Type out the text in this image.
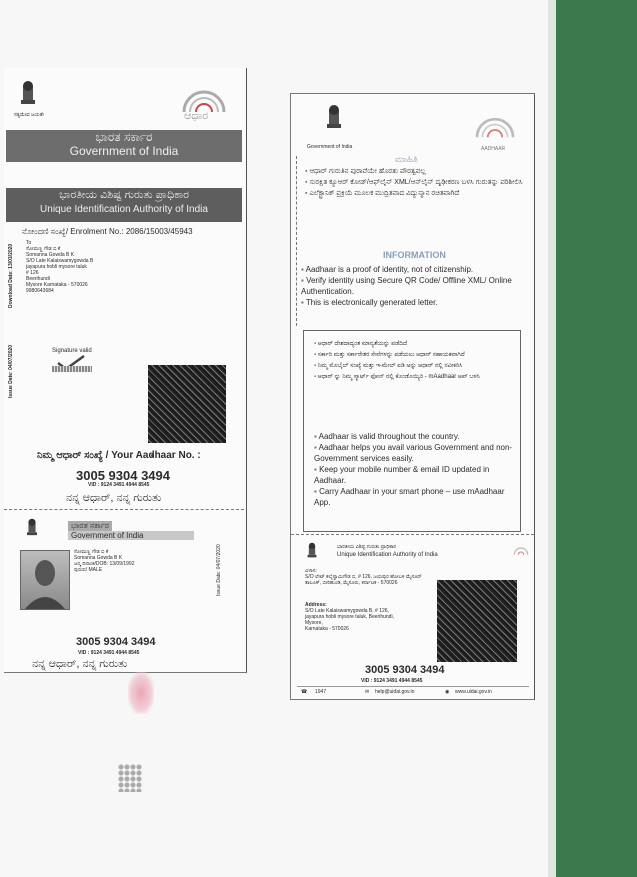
ಸತ್ಯಮೇವ ಜಯತೇ	ಆಧಾರ
ಭಾರತ ಸರ್ಕಾರ
Government of India
ಭಾರತೀಯ ವಿಶಿಷ್ಟ ಗುರುತು ಪ್ರಾಧಿಕಾರ
Unique Identification Authority of India
ನೋಂದಣಿ ಸಂಖ್ಯೆ/ Enrolment No.: 2086/15003/45943
To
ಸೋಮಣ್ಣ ಗೌಡ ಬಿ ಕೆ
Somanna Gowda B K
S/O Late Kalaiswamygowda B
jayapura hobli mysore taluk
# 126
Beerihundi
Mysore Karnataka - 570026
9980643684
Download Date: 13/03/2020
Issue Date: 04/07/2020	Signature valid
ನಿಮ್ಮ ಆಧಾರ್ ಸಂಖ್ಯೆ / Your Aadhaar No. :
3005 9304 3494
VID : 9124 3491 4944 8545
ನನ್ನ ಆಧಾರ್, ನನ್ನ ಗುರುತು
ಭಾರತ ಸರ್ಕಾರ
Government of India
ಸೋಮಣ್ಣ ಗೌಡ ಬಿ ಕೆ
Somanna Gowda B K
ಜನ್ಮ ದಿನಾಂಕ/DOB: 13/09/1992
ಪುರುಷ/ MALE	Issue Date: 04/07/2020
3005 9304 3494
VID : 9124 3491 4944 8545
ನನ್ನ ಆಧಾರ್, ನನ್ನ ಗುರುತು
Government of India	AADHAAR
ಮಾಹಿತಿ
▪ ಆಧಾರ್ ಗುರುತಿನ ಪುರಾವೆಯೇ ಹೊರತು ಪೌರತ್ವವಲ್ಲ
▪ ಸುರಕ್ಷಿತ ಕ್ಯೂಆರ್ ಕೋಡ್/ಆಫ್‌ಲೈನ್ XML/ಆನ್‌ಲೈನ್ ದೃಢೀಕರಣ ಬಳಸಿ ಗುರುತನ್ನು ಪರಿಶೀಲಿಸಿ
▪ ಎಲೆಕ್ಟ್ರಾನಿಕ್ ಪ್ರಕ್ರಿಯೆ ಮೂಲಕ ಮುದ್ರಿತವಾದ ವಿದ್ಯುನ್ಮಾನ ರಚಿತವಾಗಿದೆ
INFORMATION
▪ Aadhaar is a proof of identity, not of citizenship.
▪ Verify identity using Secure QR Code/ Offline XML/ Online Authentication.
▪ This is electronically generated letter.
▪ ಆಧಾರ್ ದೇಶದಾದ್ಯಂತ ಮಾನ್ಯತೆಯನ್ನು ಪಡೆದಿದೆ
▪ ಸರ್ಕಾರಿ ಮತ್ತು ಸರ್ಕಾರೇತರ ಸೇವೆಗಳನ್ನು ಪಡೆಯಲು ಆಧಾರ್ ಸಹಾಯಕವಾಗಿದೆ
▪ ನಿಮ್ಮ ಮೊಬೈಲ್ ಸಂಖ್ಯೆ ಮತ್ತು ಇ-ಮೇಲ್ ಐಡಿ ಅನ್ನು ಆಧಾರ್ ನಲ್ಲಿ ನವೀಕರಿಸಿ
▪ ಆಧಾರ್ ನ್ನು ನಿಮ್ಮ ಸ್ಮಾರ್ಟ್ ಫೋನ್ ನಲ್ಲಿ ಕೊಂಡೊಯ್ಯಿರಿ - mAadhaar ಆಪ್ ಬಳಸಿ
▪ Aadhaar is valid throughout the country.
▪ Aadhaar helps you avail various Government and non-Government services easily.
▪ Keep your mobile number & email ID updated in Aadhaar.
▪ Carry Aadhaar in your smart phone – use mAadhaar App.
ಭಾರತೀಯ ವಿಶಿಷ್ಟ ಗುರುತು ಪ್ರಾಧಿಕಾರ
Unique Identification Authority of India
ವಿಳಾಸ:
S/O ಲೇಟ್ ಕಲೈಸ್ವಾಮಿಗೌಡ ಬಿ, # 126, ಜಯಪುರ ಹೋಬಳಿ ಮೈಸೂರ್ ತಾಲೂಕ್, ಬೀರಿಹುಂಡಿ, ಮೈಸೂರು, ಕರ್ನಾಟಕ - 570026
Address:
S/O Late Kalaiswamygowda B, # 126,
jayapura hobli mysore taluk, Beerihundi,
Mysore,
Karnataka - 570026
3005 9304 3494
VID : 9124 3491 4944 8545
☎ 1947	✉ help@uidai.gov.in	◉ www.uidai.gov.in
